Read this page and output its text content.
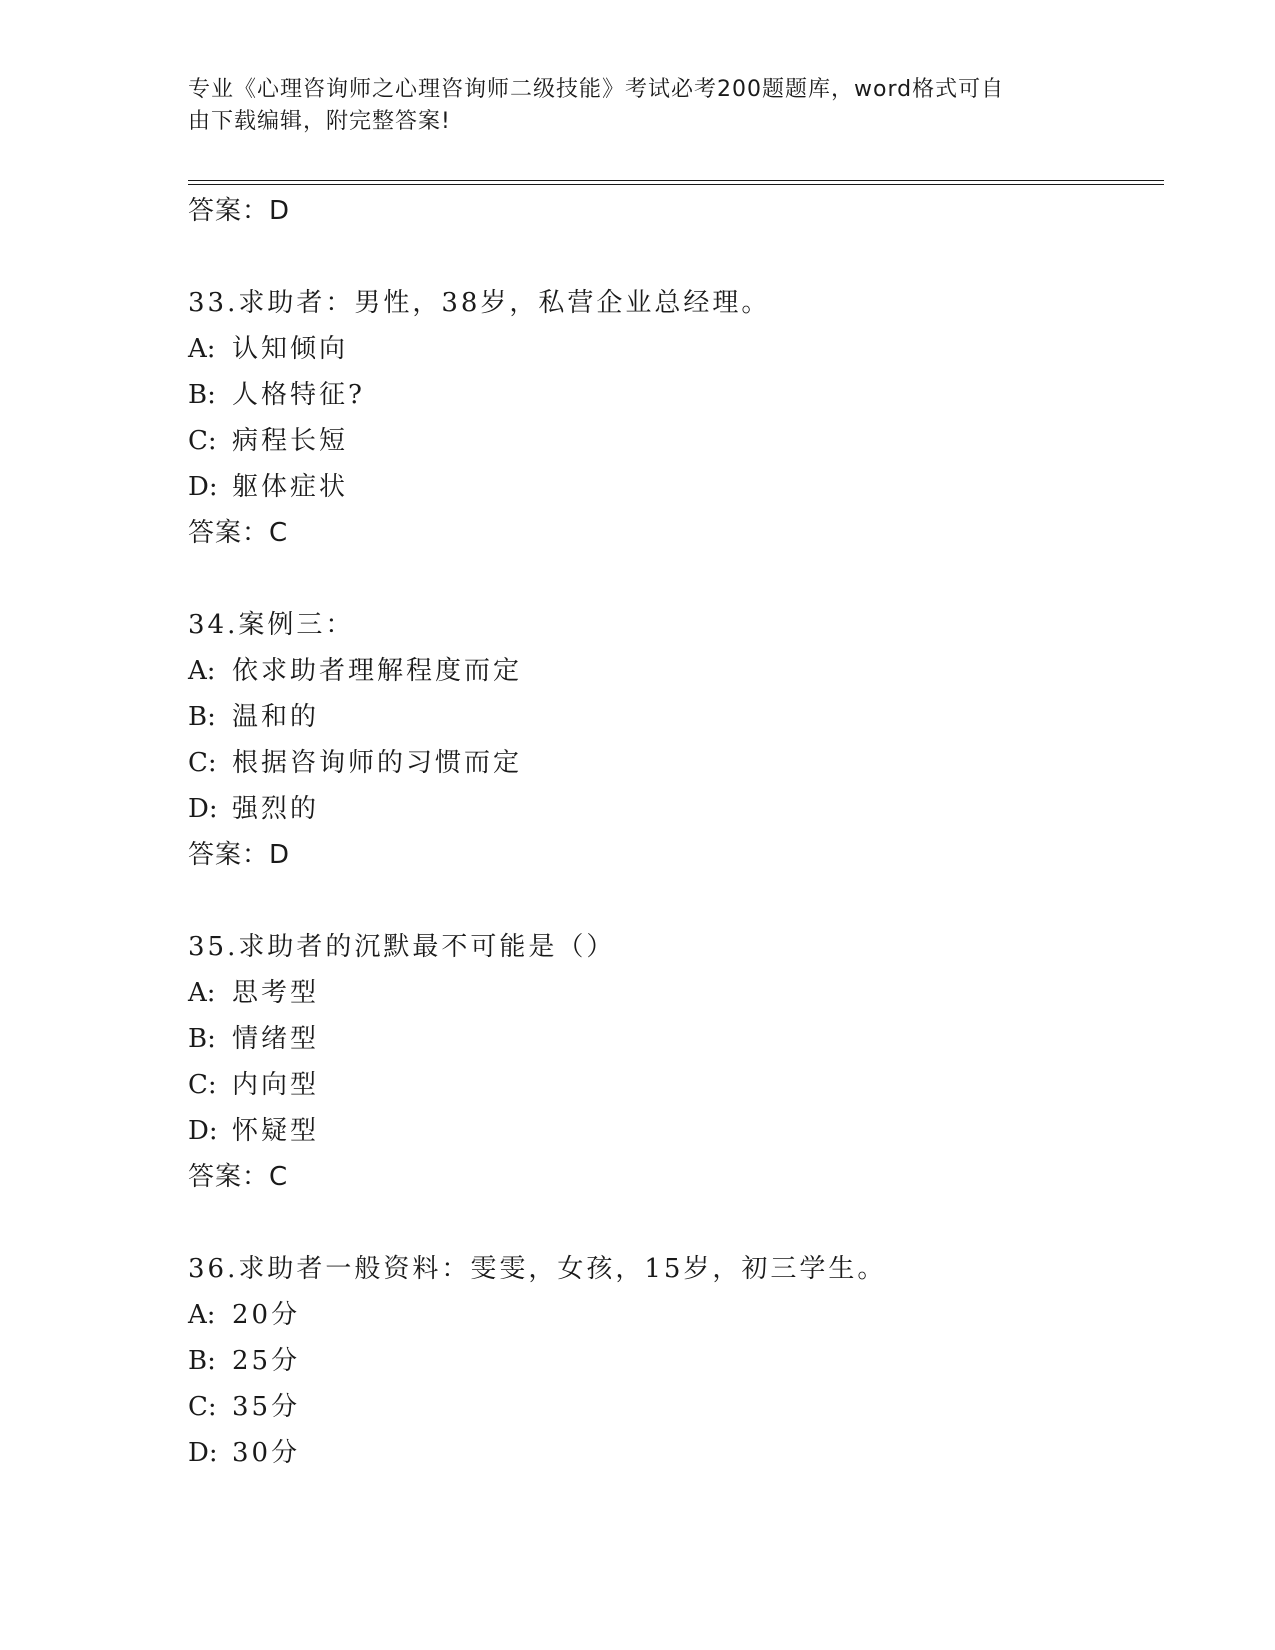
专业《心理咨询师之心理咨询师二级技能》考试必考200题题库，word格式可自
由下载编辑，附完整答案!
答案：D
33.求助者：男性，38岁，私营企业总经理。
A: 认知倾向
B: 人格特征?
C: 病程长短
D: 躯体症状
答案：C
34.案例三：
A: 依求助者理解程度而定
B: 温和的
C: 根据咨询师的习惯而定
D: 强烈的
答案：D
35.求助者的沉默最不可能是（）
A: 思考型
B: 情绪型
C: 内向型
D: 怀疑型
答案：C
36.求助者一般资料：雯雯，女孩，15岁，初三学生。
A: 20分
B: 25分
C: 35分
D: 30分
